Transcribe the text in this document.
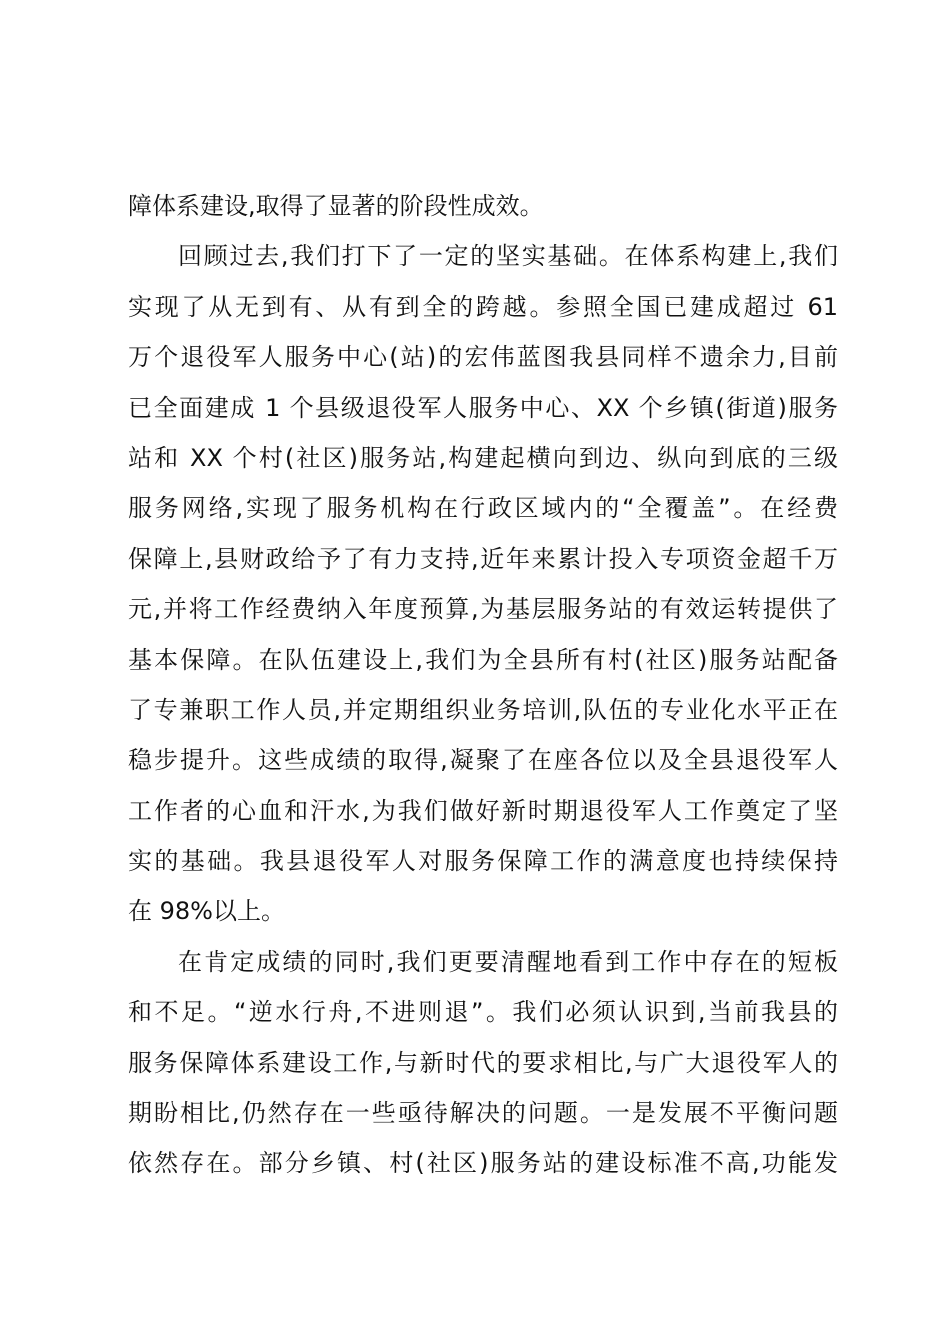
障体系建设,取得了显著的阶段性成效。
回顾过去,我们打下了一定的坚实基础。在体系构建上,我们
实现了从无到有、从有到全的跨越。参照全国已建成超过 61
万个退役军人服务中心(站)的宏伟蓝图我县同样不遗余力,目前
已全面建成 1 个县级退役军人服务中心、XX 个乡镇(街道)服务
站和 XX 个村(社区)服务站,构建起横向到边、纵向到底的三级
服务网络,实现了服务机构在行政区域内的“全覆盖”。在经费
保障上,县财政给予了有力支持,近年来累计投入专项资金超千万
元,并将工作经费纳入年度预算,为基层服务站的有效运转提供了
基本保障。在队伍建设上,我们为全县所有村(社区)服务站配备
了专兼职工作人员,并定期组织业务培训,队伍的专业化水平正在
稳步提升。这些成绩的取得,凝聚了在座各位以及全县退役军人
工作者的心血和汗水,为我们做好新时期退役军人工作奠定了坚
实的基础。我县退役军人对服务保障工作的满意度也持续保持
在 98%以上。
在肯定成绩的同时,我们更要清醒地看到工作中存在的短板
和不足。“逆水行舟,不进则退”。我们必须认识到,当前我县的
服务保障体系建设工作,与新时代的要求相比,与广大退役军人的
期盼相比,仍然存在一些亟待解决的问题。一是发展不平衡问题
依然存在。部分乡镇、村(社区)服务站的建设标准不高,功能发
